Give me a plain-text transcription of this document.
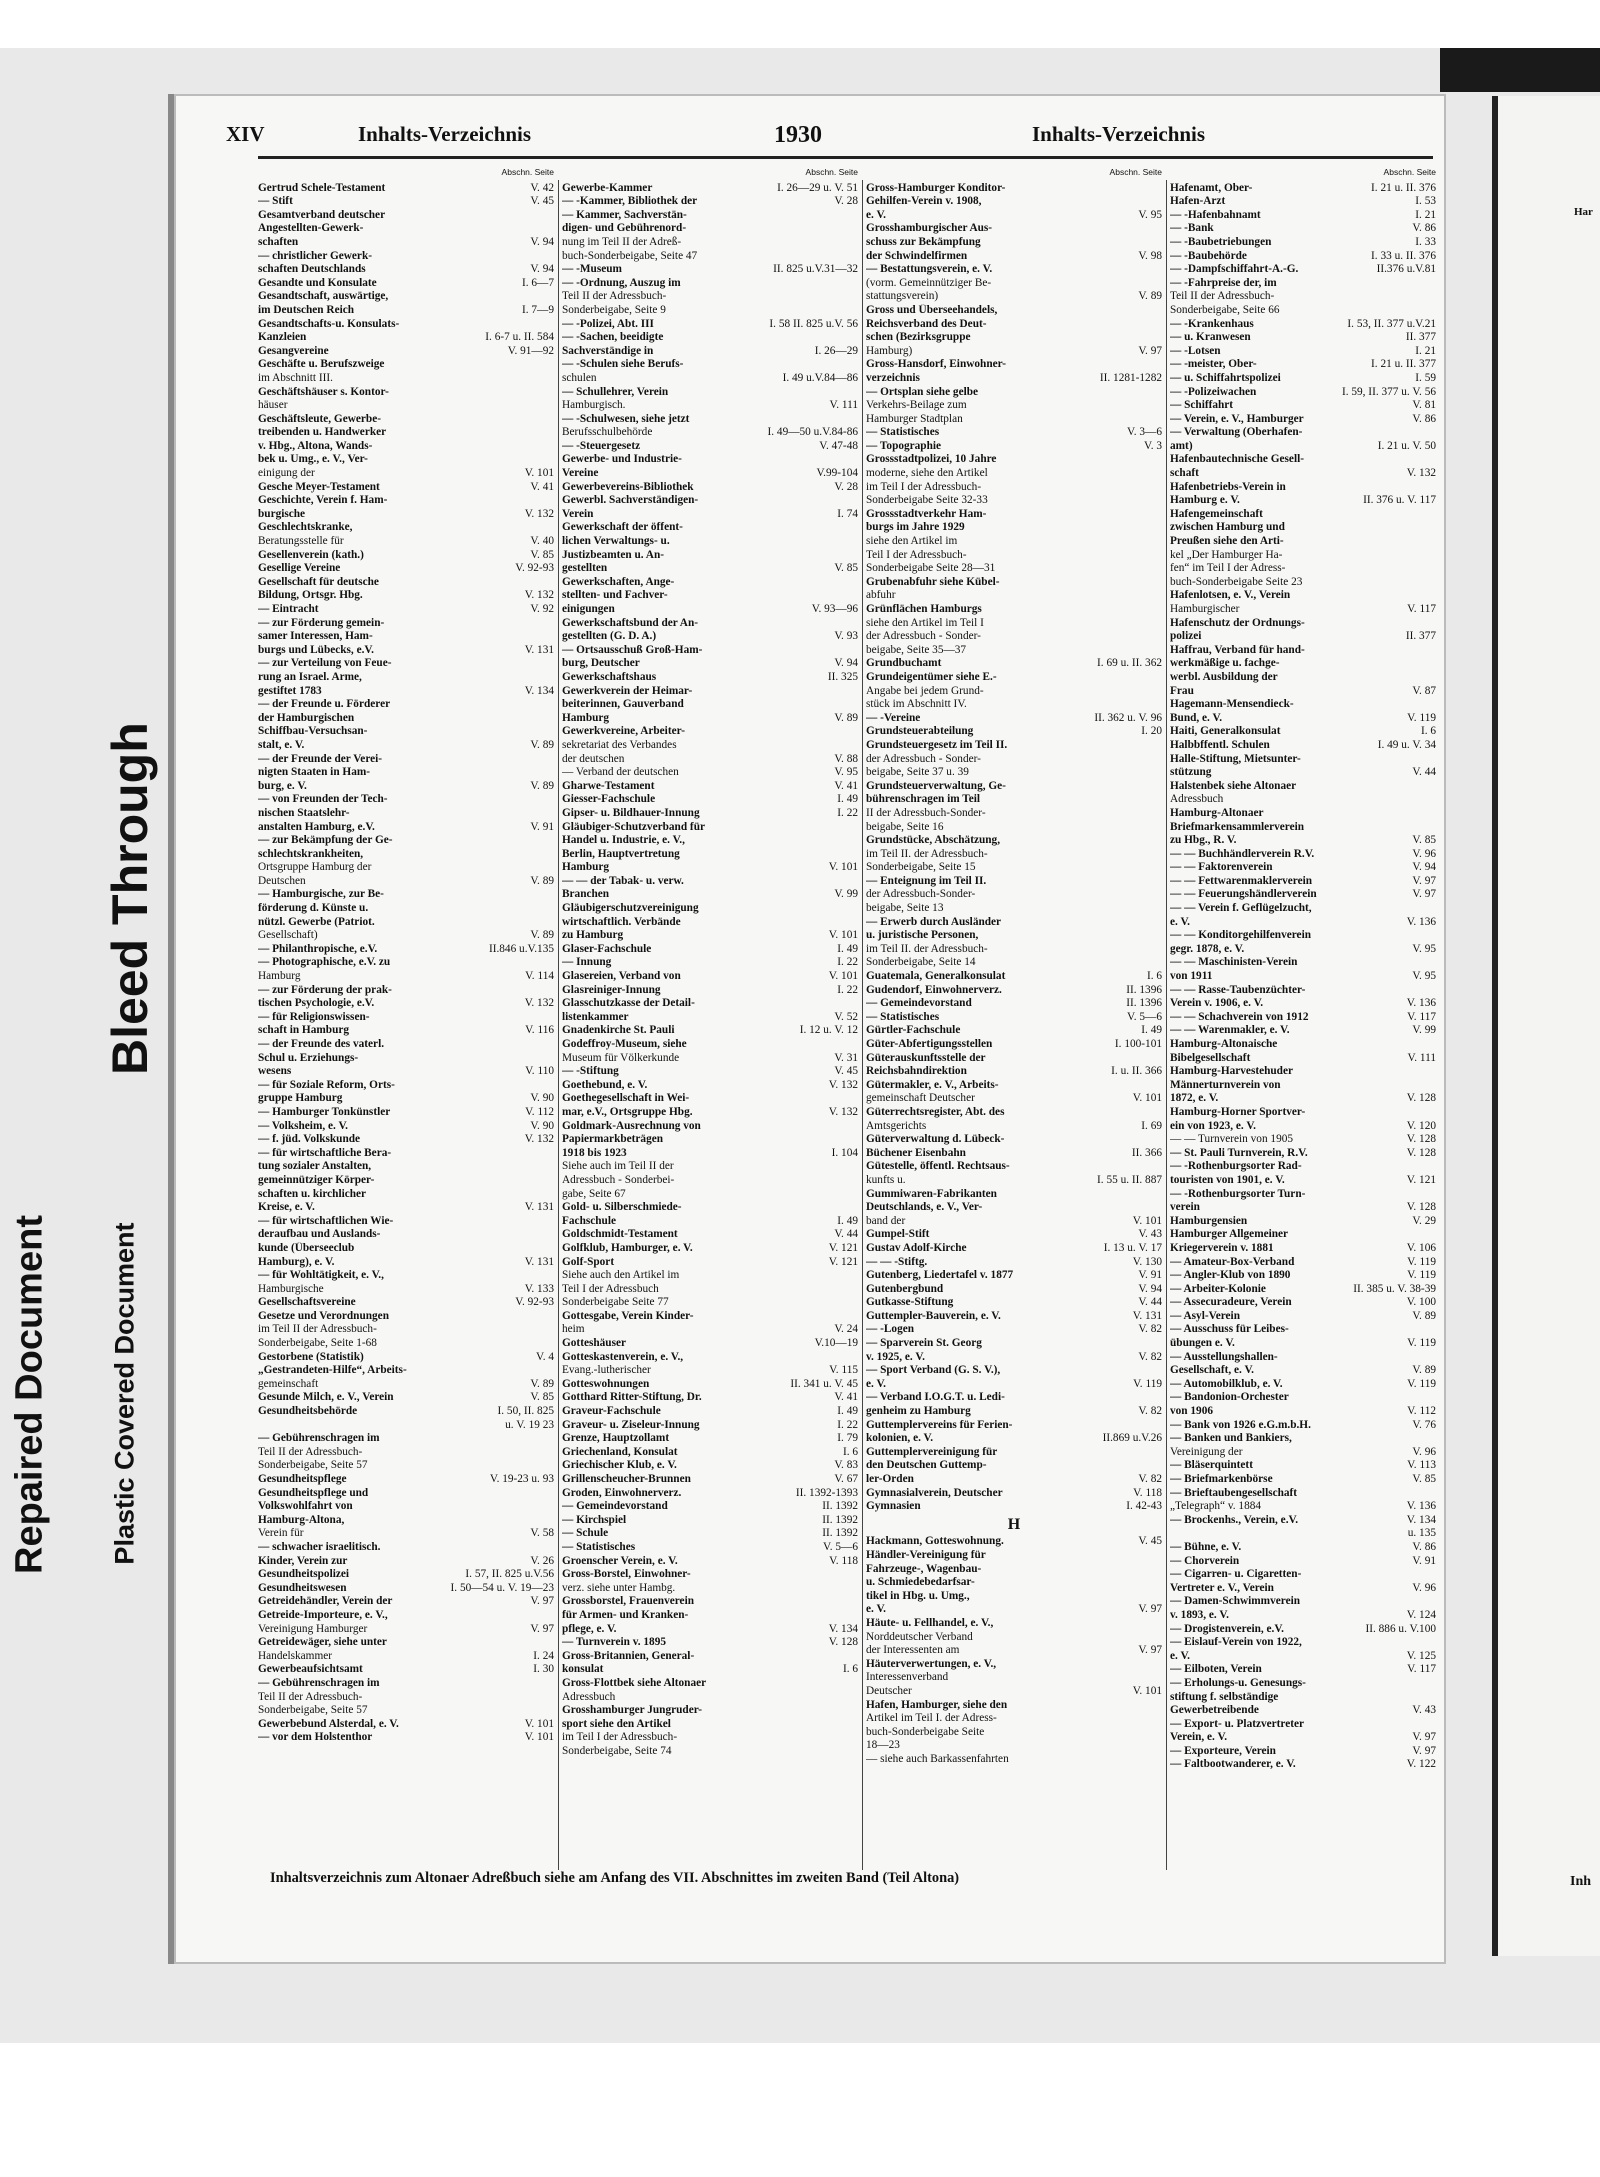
Repaired Document Plastic Covered Document
Bleed Through
XIV	Inhalts-Verzeichnis	1930	Inhalts-Verzeichnis
Abschn. Seite
Gertrud Schele-Testament	V. 42
— Stift	V. 45
Gesamtverband deutscher
Angestellten-Gewerk-
schaften	V. 94
— christlicher Gewerk-
schaften Deutschlands	V. 94
Gesandte und Konsulate	I. 6—7
Gesandtschaft, auswärtige,
im Deutschen Reich	I. 7—9
Gesandtschafts-u. Konsulats-
Kanzleien	I. 6-7 u. II. 584
Gesangvereine	V. 91—92
Geschäfte u. Berufszweige
im Abschnitt III.
Geschäftshäuser s. Kontor-
häuser
Geschäftsleute, Gewerbe-
treibenden u. Handwerker
v. Hbg., Altona, Wands-
bek u. Umg., e. V., Ver-
einigung der	V. 101
Gesche Meyer-Testament	V. 41
Geschichte, Verein f. Ham-
burgische	V. 132
Geschlechtskranke,
Beratungsstelle für	V. 40
Gesellenverein (kath.)	V. 85
Gesellige Vereine	V. 92-93
Gesellschaft für deutsche
Bildung, Ortsgr. Hbg.	V. 132
— Eintracht	V. 92
— zur Förderung gemein-
samer Interessen, Ham-
burgs und Lübecks, e.V.	V. 131
— zur Verteilung von Feue-
rung an Israel. Arme,
gestiftet 1783	V. 134
— der Freunde u. Förderer
der Hamburgischen
Schiffbau-Versuchsan-
stalt, e. V.	V. 89
— der Freunde der Verei-
nigten Staaten in Ham-
burg, e. V.	V. 89
— von Freunden der Tech-
nischen Staatslehr-
anstalten Hamburg, e.V.	V. 91
— zur Bekämpfung der Ge-
schlechtskrankheiten,
Ortsgruppe Hamburg der
Deutschen	V. 89
— Hamburgische, zur Be-
förderung d. Künste u.
nützl. Gewerbe (Patriot.
Gesellschaft)	V. 89
— Philanthropische, e.V.	II.846 u.V.135
— Photographische, e.V. zu
Hamburg	V. 114
— zur Förderung der prak-
tischen Psychologie, e.V.	V. 132
— für Religionswissen-
schaft in Hamburg	V. 116
— der Freunde des vaterl.
Schul u. Erziehungs-
wesens	V. 110
— für Soziale Reform, Orts-
gruppe Hamburg	V. 90
— Hamburger Tonkünstler	V. 112
— Volksheim, e. V.	V. 90
— f. jüd. Volkskunde	V. 132
— für wirtschaftliche Bera-
tung sozialer Anstalten,
gemeinnütziger Körper-
schaften u. kirchlicher
Kreise, e. V.	V. 131
— für wirtschaftlichen Wie-
deraufbau und Auslands-
kunde (Überseeclub
Hamburg), e. V.	V. 131
— für Wohltätigkeit, e. V.,
Hamburgische	V. 133
Gesellschaftsvereine	V. 92-93
Gesetze und Verordnungen
im Teil II der Adressbuch-
Sonderbeigabe, Seite 1-68
Gestorbene (Statistik)	V. 4
„Gestrandeten-Hilfe“, Arbeits-
gemeinschaft	V. 89
Gesunde Milch, e. V., Verein	V. 85
Gesundheitsbehörde	I. 50, II. 825
u. V. 19 23
— Gebührenschragen im
Teil II der Adressbuch-
Sonderbeigabe, Seite 57
Gesundheitspflege	V. 19-23 u. 93
Gesundheitspflege und
Volkswohlfahrt von
Hamburg-Altona,
Verein für	V. 58
— schwacher israelitisch.
Kinder, Verein zur	V. 26
Gesundheitspolizei	I. 57, II. 825 u.V.56
Gesundheitswesen	I. 50—54 u. V. 19—23
Getreidehändler, Verein der	V. 97
Getreide-Importeure, e. V.,
Vereinigung Hamburger	V. 97
Getreidewäger, siehe unter
Handelskammer	I. 24
Gewerbeaufsichtsamt	I. 30
— Gebührenschragen im
Teil II der Adressbuch-
Sonderbeigabe, Seite 57
Gewerbebund Alsterdal, e. V.	V. 101
— vor dem Holstenthor	V. 101
Abschn. Seite
Gewerbe-Kammer	I. 26—29 u. V. 51
— -Kammer, Bibliothek der	V. 28
— Kammer, Sachverstän-
digen- und Gebührenord-
nung im Teil II der Adreß-
buch-Sonderbeigabe, Seite 47
— -Museum	II. 825 u.V.31—32
— -Ordnung, Auszug im
Teil II der Adressbuch-
Sonderbeigabe, Seite 9
— -Polizei, Abt. III	I. 58 II. 825 u.V. 56
— -Sachen, beeidigte
Sachverständige in	I. 26—29
— -Schulen siehe Berufs-
schulen	I. 49 u.V.84—86
— Schullehrer, Verein
Hamburgisch.	V. 111
— -Schulwesen, siehe jetzt
Berufsschulbehörde	I. 49—50 u.V.84-86
— -Steuergesetz	V. 47-48
Gewerbe- und Industrie-
Vereine	V.99-104
Gewerbevereins-Bibliothek	V. 28
Gewerbl. Sachverständigen-
Verein	I. 74
Gewerkschaft der öffent-
lichen Verwaltungs- u.
Justizbeamten u. An-
gestellten	V. 85
Gewerkschaften, Ange-
stellten- und Fachver-
einigungen	V. 93—96
Gewerkschaftsbund der An-
gestellten (G. D. A.)	V. 93
— Ortsausschuß Groß-Ham-
burg, Deutscher	V. 94
Gewerkschaftshaus	II. 325
Gewerkverein der Heimar-
beiterinnen, Gauverband
Hamburg	V. 89
Gewerkvereine, Arbeiter-
sekretariat des Verbandes
der deutschen	V. 88
— Verband der deutschen	V. 95
Gharwe-Testament	V. 41
Giesser-Fachschule	I. 49
Gipser- u. Bildhauer-Innung	I. 22
Gläubiger-Schutzverband für
Handel u. Industrie, e. V.,
Berlin, Hauptvertretung
Hamburg	V. 101
— — der Tabak- u. verw.
Branchen	V. 99
Gläubigerschutzvereinigung
wirtschaftlich. Verbände
zu Hamburg	V. 101
Glaser-Fachschule	I. 49
— Innung	I. 22
Glasereien, Verband von	V. 101
Glasreiniger-Innung	I. 22
Glasschutzkasse der Detail-
listenkammer	V. 52
Gnadenkirche St. Pauli	I. 12 u. V. 12
Godeffroy-Museum, siehe
Museum für Völkerkunde	V. 31
— -Stiftung	V. 45
Goethebund, e. V.	V. 132
Goethegesellschaft in Wei-
mar, e.V., Ortsgruppe Hbg.	V. 132
Goldmark-Ausrechnung von
Papiermarkbeträgen
1918 bis 1923	I. 104
Siehe auch im Teil II der
Adressbuch - Sonderbei-
gabe, Seite 67
Gold- u. Silberschmiede-
Fachschule	I. 49
Goldschmidt-Testament	V. 44
Golfklub, Hamburger, e. V.	V. 121
Golf-Sport	V. 121
Siehe auch den Artikel im
Teil I der Adressbuch
Sonderbeigabe Seite 77
Gottesgabe, Verein Kinder-
heim	V. 24
Gotteshäuser	V.10—19
Gotteskastenverein, e. V.,
Evang.-lutherischer	V. 115
Gotteswohnungen	II. 341 u. V. 45
Gotthard Ritter-Stiftung, Dr.	V. 41
Graveur-Fachschule	I. 49
Graveur- u. Ziseleur-Innung	I. 22
Grenze, Hauptzollamt	I. 79
Griechenland, Konsulat	I. 6
Griechischer Klub, e. V.	V. 83
Grillenscheucher-Brunnen	V. 67
Groden, Einwohnerverz.	II. 1392-1393
— Gemeindevorstand	II. 1392
— Kirchspiel	II. 1392
— Schule	II. 1392
— Statistisches	V. 5—6
Groenscher Verein, e. V.	V. 118
Gross-Borstel, Einwohner-
verz. siehe unter Hambg.
Grossborstel, Frauenverein
für Armen- und Kranken-
pflege, e. V.	V. 134
— Turnverein v. 1895	V. 128
Gross-Britannien, General-
konsulat	I. 6
Gross-Flottbek siehe Altonaer
Adressbuch
Grosshamburger Jungruder-
sport siehe den Artikel
im Teil I der Adressbuch-
Sonderbeigabe, Seite 74
Abschn. Seite
Gross-Hamburger Konditor-
Gehilfen-Verein v. 1908,
e. V.	V. 95
Grosshamburgischer Aus-
schuss zur Bekämpfung
der Schwindelfirmen	V. 98
— Bestattungsverein, e. V.
(vorm. Gemeinnütziger Be-
stattungsverein)	V. 89
Gross und Überseehandels,
Reichsverband des Deut-
schen (Bezirksgruppe
Hamburg)	V. 97
Gross-Hansdorf, Einwohner-
verzeichnis	II. 1281-1282
— Ortsplan siehe gelbe
Verkehrs-Beilage zum
Hamburger Stadtplan
— Statistisches	V. 3—6
— Topographie	V. 3
Grossstadtpolizei, 10 Jahre
moderne, siehe den Artikel
im Teil I der Adressbuch-
Sonderbeigabe Seite 32-33
Grossstadtverkehr Ham-
burgs im Jahre 1929
siehe den Artikel im
Teil I der Adressbuch-
Sonderbeigabe Seite 28—31
Grubenabfuhr siehe Kübel-
abfuhr
Grünflächen Hamburgs
siehe den Artikel im Teil I
der Adressbuch - Sonder-
beigabe, Seite 35—37
Grundbuchamt	I. 69 u. II. 362
Grundeigentümer siehe E.-
Angabe bei jedem Grund-
stück im Abschnitt IV.
— -Vereine	II. 362 u. V. 96
Grundsteuerabteilung	I. 20
Grundsteuergesetz im Teil II.
der Adressbuch - Sonder-
beigabe, Seite 37 u. 39
Grundsteuerverwaltung, Ge-
bührenschragen im Teil
II der Adressbuch-Sonder-
beigabe, Seite 16
Grundstücke, Abschätzung,
im Teil II. der Adressbuch-
Sonderbeigabe, Seite 15
— Enteignung im Teil II.
der Adressbuch-Sonder-
beigabe, Seite 13
— Erwerb durch Ausländer
u. juristische Personen,
im Teil II. der Adressbuch-
Sonderbeigabe, Seite 14
Guatemala, Generalkonsulat	I. 6
Gudendorf, Einwohnerverz.	II. 1396
— Gemeindevorstand	II. 1396
— Statistisches	V. 5—6
Gürtler-Fachschule	I. 49
Güter-Abfertigungsstellen	I. 100-101
Güterauskunftsstelle der
Reichsbahndirektion	I. u. II. 366
Gütermakler, e. V., Arbeits-
gemeinschaft Deutscher	V. 101
Güterrechtsregister, Abt. des
Amtsgerichts	I. 69
Güterverwaltung d. Lübeck-
Büchener Eisenbahn	II. 366
Gütestelle, öffentl. Rechtsaus-
kunfts u.	I. 55 u. II. 887
Gummiwaren-Fabrikanten
Deutschlands, e. V., Ver-
band der	V. 101
Gumpel-Stift	V. 43
Gustav Adolf-Kirche	I. 13 u. V. 17
— — -Stiftg.	V. 130
Gutenberg, Liedertafel v. 1877	V. 91
Gutenbergbund	V. 94
Gutkasse-Stiftung	V. 44
Guttempler-Bauverein, e. V.	V. 131
— -Logen	V. 82
— Sparverein St. Georg
v. 1925, e. V.	V. 82
— Sport Verband (G. S. V.),
e. V.	V. 119
— Verband I.O.G.T. u. Ledi-
genheim zu Hamburg	V. 82
Guttemplervereins für Ferien-
kolonien, e. V.	II.869 u.V.26
Guttemplervereinigung für
den Deutschen Guttemp-
ler-Orden	V. 82
Gymnasialverein, Deutscher	V. 118
Gymnasien	I. 42-43
H
Hackmann, Gotteswohnung.	V. 45
Händler-Vereinigung für
Fahrzeuge-, Wagenbau-
u. Schmiedebedarfsar-
tikel in Hbg. u. Umg.,
e. V.	V. 97
Häute- u. Fellhandel, e. V.,
Norddeutscher Verband
der Interessenten am	V. 97
Häuterverwertungen, e. V.,
Interessenverband
Deutscher	V. 101
Hafen, Hamburger, siehe den
Artikel im Teil I. der Adress-
buch-Sonderbeigabe Seite
18—23
— siehe auch Barkassenfahrten
Abschn. Seite
Hafenamt, Ober-	I. 21 u. II. 376
Hafen-Arzt	I. 53
— -Hafenbahnamt	I. 21
— -Bank	V. 86
— -Baubetriebungen	I. 33
— -Baubehörde	I. 33 u. II. 376
— -Dampfschiffahrt-A.-G.	II.376 u.V.81
— -Fahrpreise der, im
Teil II der Adressbuch-
Sonderbeigabe, Seite 66
— -Krankenhaus	I. 53, II. 377 u.V.21
— u. Kranwesen	II. 377
— -Lotsen	I. 21
— -meister, Ober-	I. 21 u. II. 377
— u. Schiffahrtspolizei	I. 59
— -Polizeiwachen	I. 59, II. 377 u. V. 56
— Schiffahrt	V. 81
— Verein, e. V., Hamburger	V. 86
— Verwaltung (Oberhafen-
amt)	I. 21 u. V. 50
Hafenbautechnische Gesell-
schaft	V. 132
Hafenbetriebs-Verein in
Hamburg e. V.	II. 376 u. V. 117
Hafengemeinschaft
zwischen Hamburg und
Preußen siehe den Arti-
kel „Der Hamburger Ha-
fen“ im Teil I der Adress-
buch-Sonderbeigabe Seite 23
Hafenlotsen, e. V., Verein
Hamburgischer	V. 117
Hafenschutz der Ordnungs-
polizei	II. 377
Haffrau, Verband für hand-
werkmäßige u. fachge-
werbl. Ausbildung der
Frau	V. 87
Hagemann-Mensendieck-
Bund, e. V.	V. 119
Haiti, Generalkonsulat	I. 6
Halbbffentl. Schulen	I. 49 u. V. 34
Halle-Stiftung, Mietsunter-
stützung	V. 44
Halstenbek siehe Altonaer
Adressbuch
Hamburg-Altonaer
Briefmarkensammlerverein
zu Hbg., R. V.	V. 85
— — Buchhändlerverein R.V.	V. 96
— — Faktorenverein	V. 94
— — Fettwarenmaklerverein	V. 97
— — Feuerungshändlerverein	V. 97
— — Verein f. Geflügelzucht,
e. V.	V. 136
— — Konditorgehilfenverein
gegr. 1878, e. V.	V. 95
— — Maschinisten-Verein
von 1911	V. 95
— — Rasse-Taubenzüchter-
Verein v. 1906, e. V.	V. 136
— — Schachverein von 1912	V. 117
— — Warenmakler, e. V.	V. 99
Hamburg-Altonaische
Bibelgesellschaft	V. 111
Hamburg-Harvestehuder
Männerturnverein von
1872, e. V.	V. 128
Hamburg-Horner Sportver-
ein von 1923, e. V.	V. 120
— — Turnverein von 1905	V. 128
— St. Pauli Turnverein, R.V.	V. 128
— -Rothenburgsorter Rad-
touristen von 1901, e. V.	V. 121
— -Rothenburgsorter Turn-
verein	V. 128
Hamburgensien	V. 29
Hamburger Allgemeiner
Kriegerverein v. 1881	V. 106
— Amateur-Box-Verband	V. 119
— Angler-Klub von 1890	V. 119
— Arbeiter-Kolonie	II. 385 u. V. 38-39
— Assecuradeure, Verein	V. 100
— Asyl-Verein	V. 89
— Ausschuss für Leibes-
übungen e. V.	V. 119
— Ausstellungshallen-
Gesellschaft, e. V.	V. 89
— Automobilklub, e. V.	V. 119
— Bandonion-Orchester
von 1906	V. 112
— Bank von 1926 e.G.m.b.H.	V. 76
— Banken und Bankiers,
Vereinigung der	V. 96
— Bläserquintett	V. 113
— Briefmarkenbörse	V. 85
— Brieftaubengesellschaft
„Telegraph“ v. 1884	V. 136
— Brockenhs., Verein, e.V.	V. 134
u. 135
— Bühne, e. V.	V. 86
— Chorverein	V. 91
— Cigarren- u. Cigaretten-
Vertreter e. V., Verein	V. 96
— Damen-Schwimmverein
v. 1893, e. V.	V. 124
— Drogistenverein, e.V.	II. 886 u. V.100
— Eislauf-Verein von 1922,
e. V.	V. 125
— Eilboten, Verein	V. 117
— Erholungs-u. Genesungs-
stiftung f. selbständige
Gewerbetreibende	V. 43
— Export- u. Platzvertreter
Verein, e. V.	V. 97
— Exporteure, Verein	V. 97
— Faltbootwanderer, e. V.	V. 122
Inhaltsverzeichnis zum Altonaer Adreßbuch siehe am Anfang des VII. Abschnittes im zweiten Band (Teil Altona)
Har
Inh
